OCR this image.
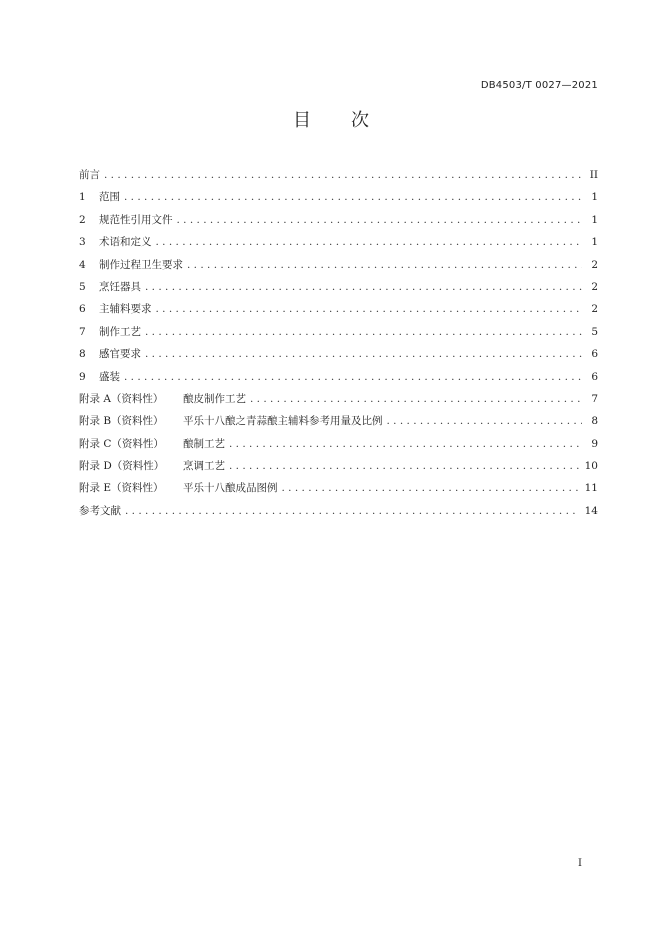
DB4503/T 0027—2021
目 次
前言 . . .	II
1	范围 . . .	1
2	规范性引用文件 . . .	1
3	术语和定义 . . .	1
4	制作过程卫生要求 . . .	2
5	烹饪器具 . . .	2
6	主辅料要求 . . .	2
7	制作工艺 . . .	5
8	感官要求 . . .	6
9	盛装 . . .	6
附录 A（资料性）	酿皮制作工艺 . . .	7
附录 B（资料性）	平乐十八酿之青蒜酿主辅料参考用量及比例 . . .	8
附录 C（资料性）	酿制工艺 . . .	9
附录 D（资料性）	烹调工艺 . . .	10
附录 E（资料性）	平乐十八酿成品图例 . . .	11
参考文献 . . .	14
I
